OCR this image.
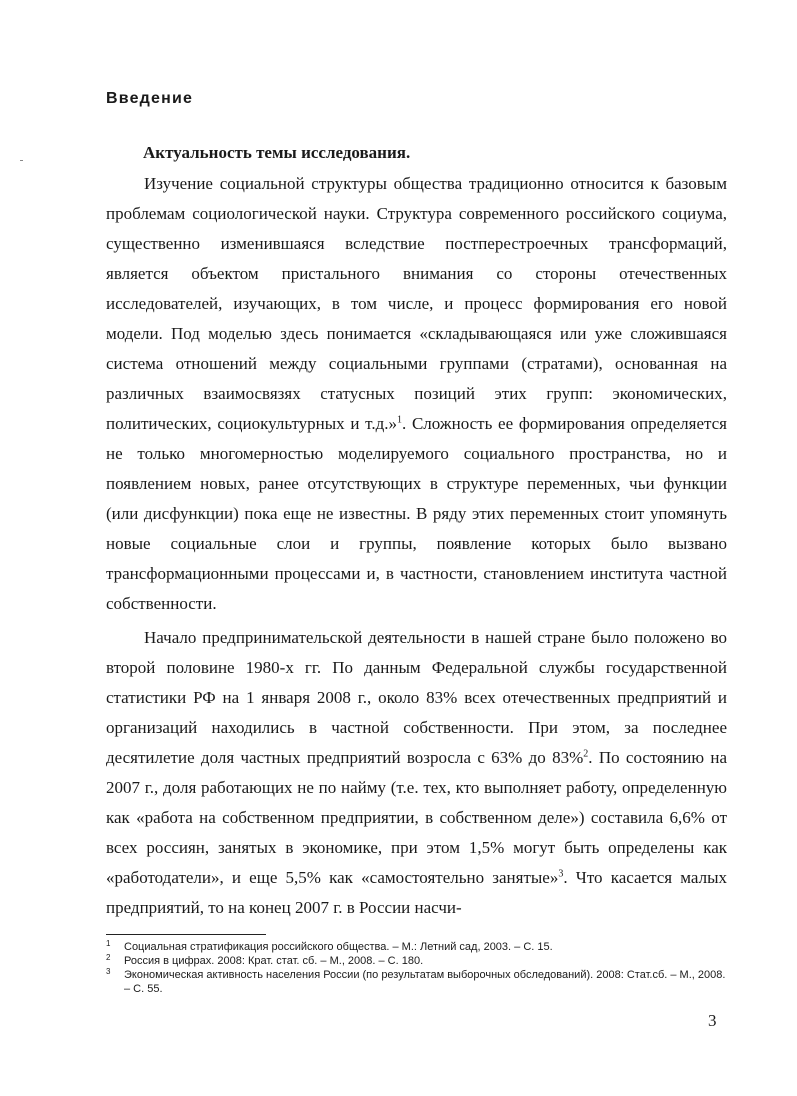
Введение
Актуальность темы исследования.

Изучение социальной структуры общества традиционно относится к базовым проблемам социологической науки. Структура современного российского социума, существенно изменившаяся вследствие постперестроечных трансформаций, является объектом пристального внимания со стороны отечественных исследователей, изучающих, в том числе, и процесс формирования его новой модели. Под моделью здесь понимается «складывающаяся или уже сложившаяся система отношений между социальными группами (стратами), основанная на различных взаимосвязях статусных позиций этих групп: экономических, политических, социокультурных и т.д.»$^1$. Сложность ее формирования определяется не только многомерностью моделируемого социального пространства, но и появлением новых, ранее отсутствующих в структуре переменных, чьи функции (или дисфункции) пока еще не известны. В ряду этих переменных стоит упомянуть новые социальные слои и группы, появление которых было вызвано трансформационными процессами и, в частности, становлением института частной собственности.

Начало предпринимательской деятельности в нашей стране было положено во второй половине 1980-х гг. По данным Федеральной службы государственной статистики РФ на 1 января 2008 г., около 83% всех отечественных предприятий и организаций находились в частной собственности. При этом, за последнее десятилетие доля частных предприятий возросла с 63% до 83%$^2$. По состоянию на 2007 г., доля работающих не по найму (т.е. тех, кто выполняет работу, определенную как «работа на собственном предприятии, в собственном деле») составила 6,6% от всех россиян, занятых в экономике, при этом 1,5% могут быть определены как «работодатели», и еще 5,5% как «самостоятельно занятые»$^3$. Что касается малых предприятий, то на конец 2007 г. в России насчи-

1 Социальная стратификация российского общества. – М.: Летний сад, 2003. – С. 15.
2 Россия в цифрах. 2008: Крат. стат. сб. – М., 2008. – С. 180.
3 Экономическая активность населения России (по результатам выборочных обследований). 2008: Стат.сб. – М., 2008. – С. 55.
3
